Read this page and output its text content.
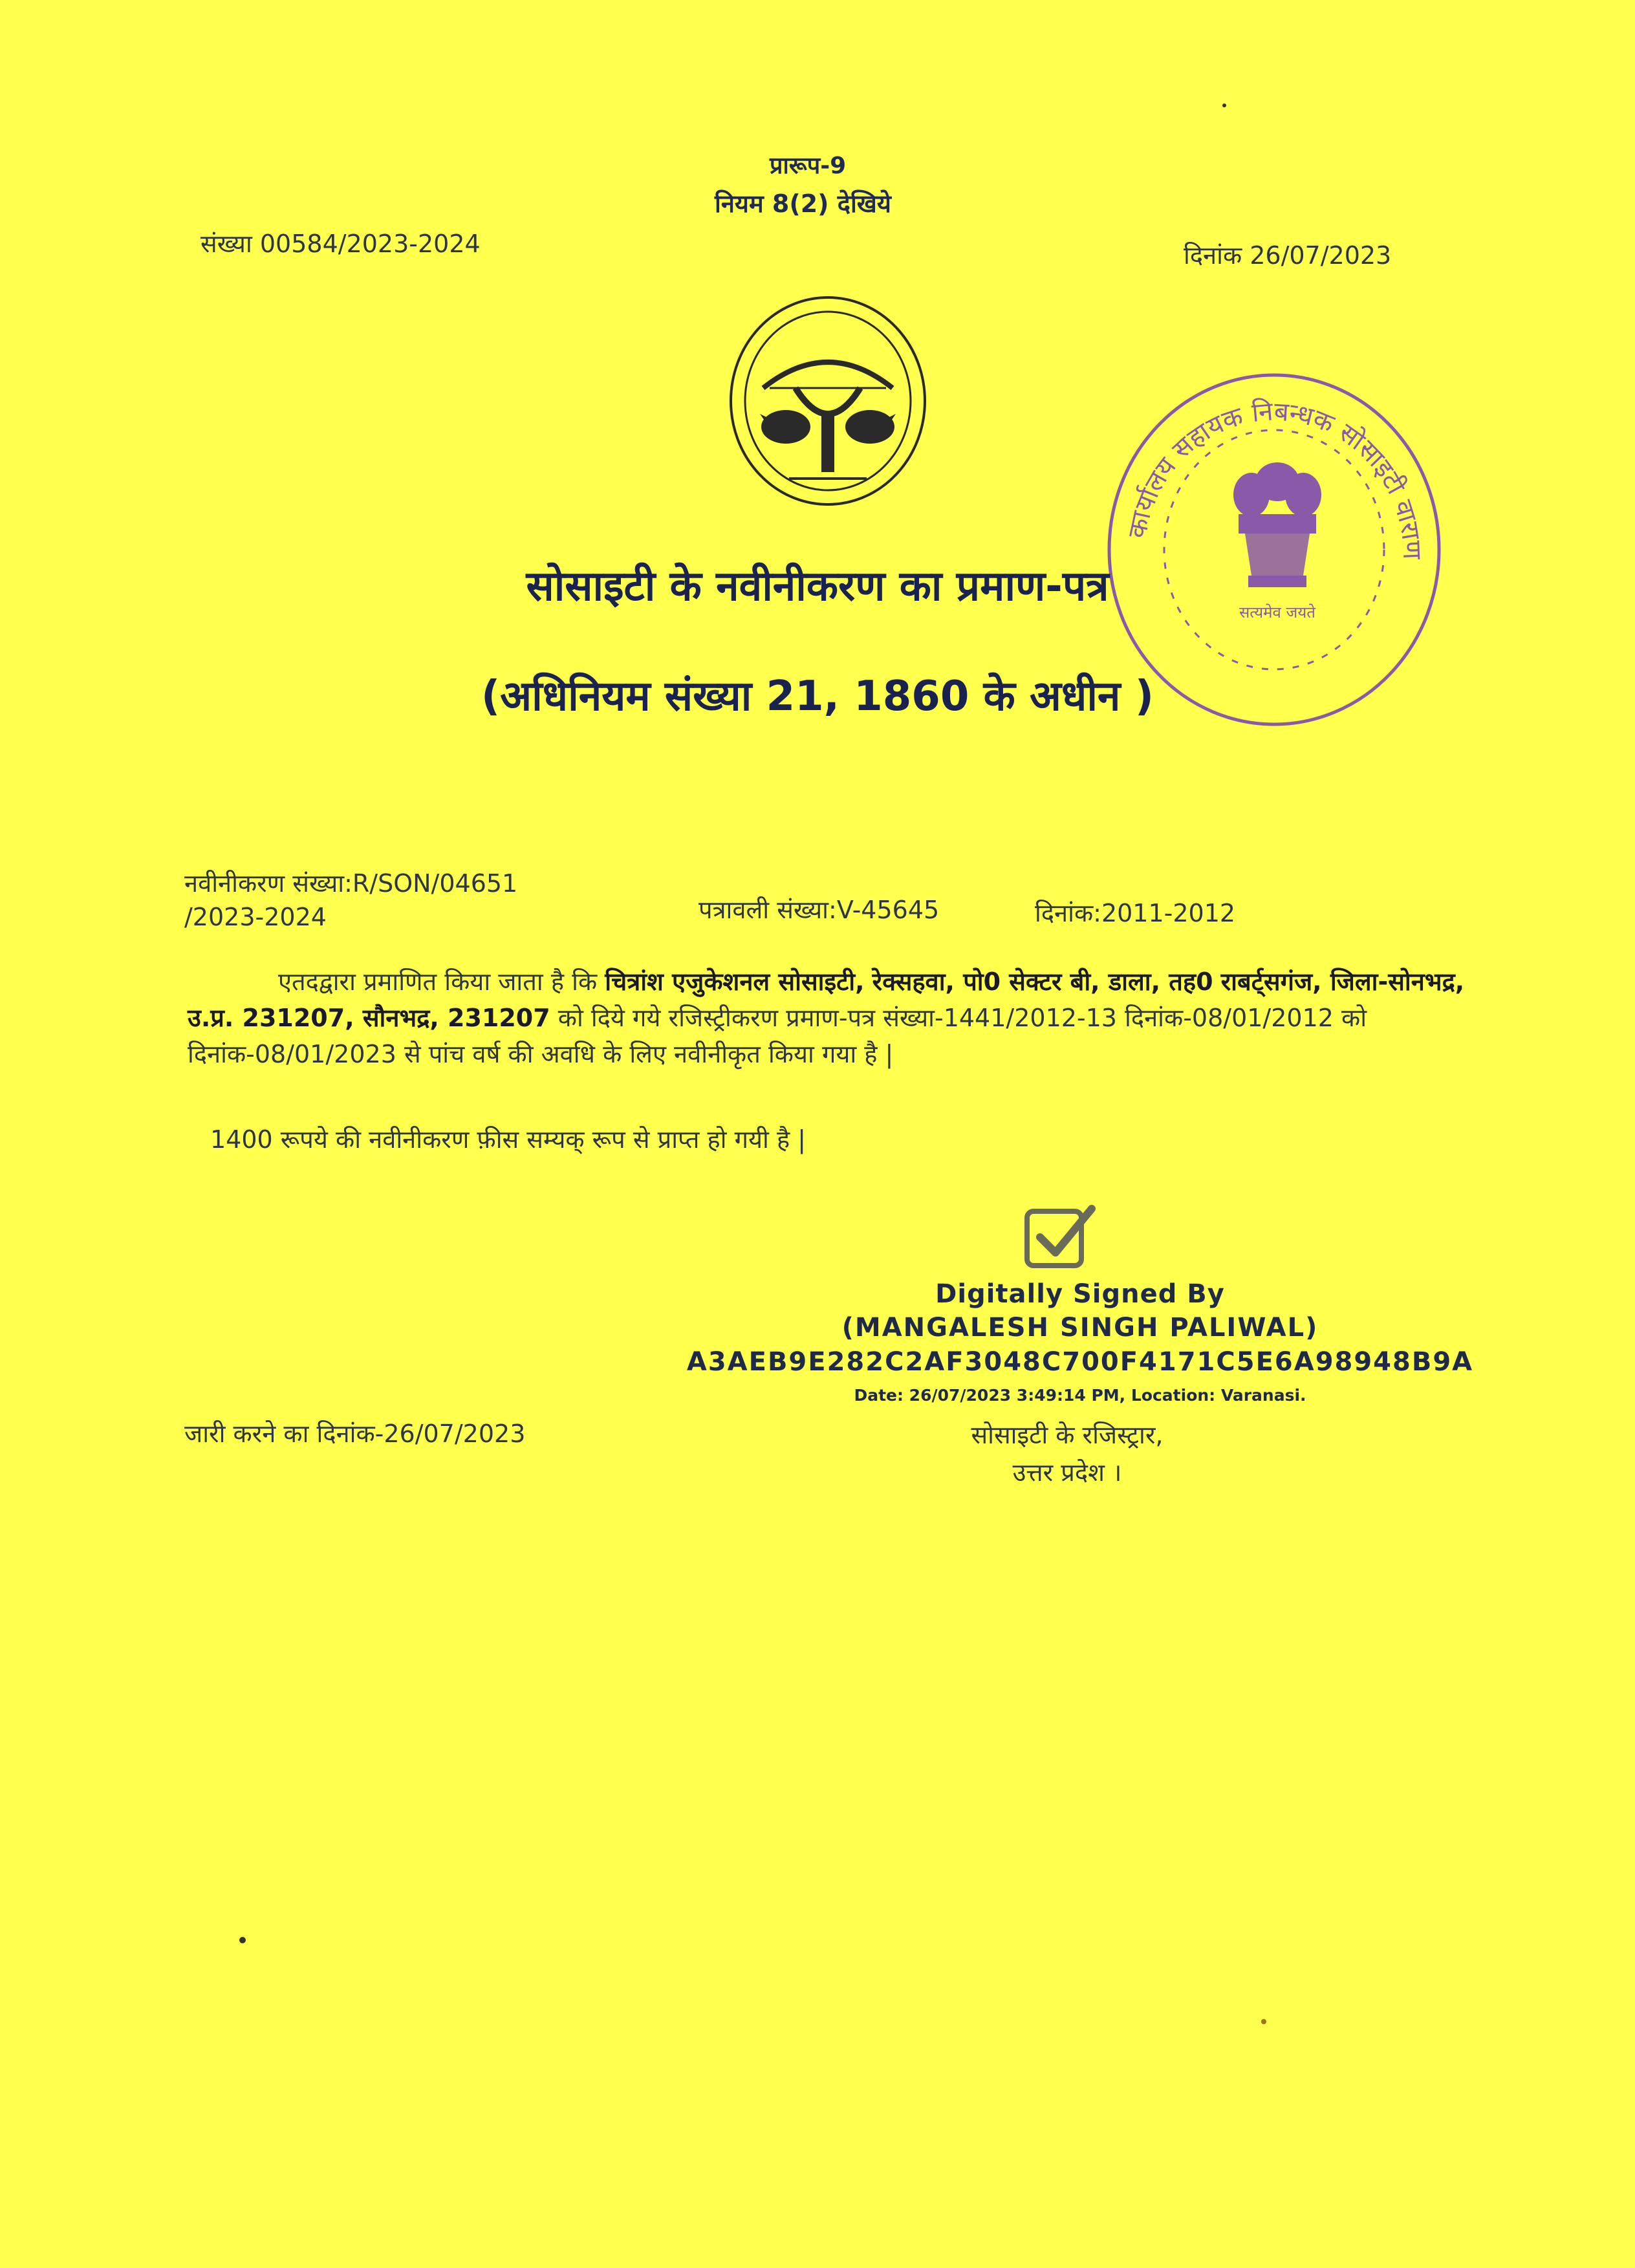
प्रारूप-9
नियम 8(2) देखिये
संख्या 00584/2023-2024	दिनांक 26/07/2023
कार्यालय सहायक निबन्धक सोसाइटी वाराण
सत्यमेव जयते
सोसाइटी के नवीनीकरण का प्रमाण-पत्र
(अधिनियम संख्या 21, 1860 के अधीन )
नवीनीकरण संख्या:R/SON/04651
/2023-2024	पत्रावली संख्या:V-45645	दिनांक:2011-2012
एतदद्वारा प्रमाणित किया जाता है कि चित्रांश एजुकेशनल सोसाइटी, रेक्सहवा, पो0 सेक्टर बी, डाला, तह0 राबर्ट्सगंज, जिला-सोनभद्र, उ.प्र. 231207, सौनभद्र, 231207 को दिये गये रजिस्ट्रीकरण प्रमाण-पत्र संख्या-1441/2012-13 दिनांक-08/01/2012 को दिनांक-08/01/2023 से पांच वर्ष की अवधि के लिए नवीनीकृत किया गया है |
1400 रूपये की नवीनीकरण फ़ीस सम्यक् रूप से प्राप्त हो गयी है |
Digitally Signed By
(MANGALESH SINGH PALIWAL)
A3AEB9E282C2AF3048C700F4171C5E6A98948B9A
Date: 26/07/2023 3:49:14 PM, Location: Varanasi.
जारी करने का दिनांक-26/07/2023	सोसाइटी के रजिस्ट्रार,
उत्तर प्रदेश ।
